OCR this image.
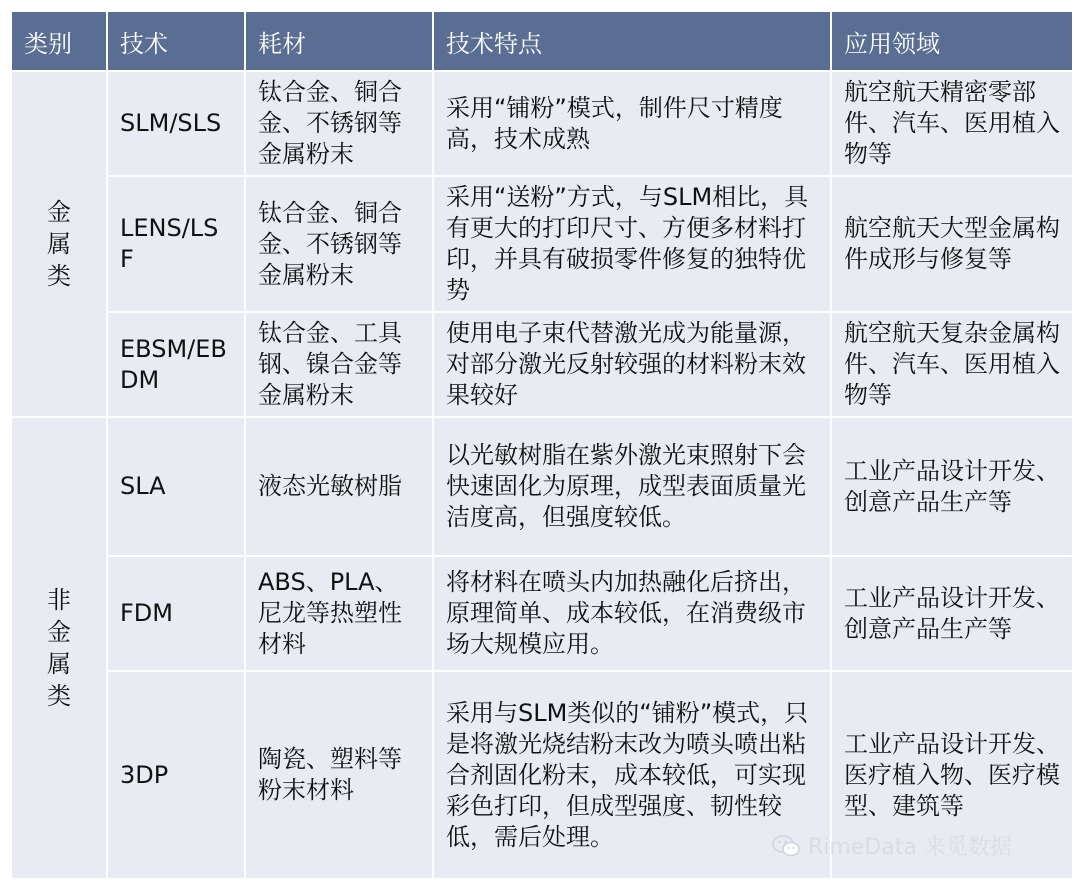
类别	技术	耗材	技术特点	应用领域
金属类	SLM/SLS	钛合金、铜合金、不锈钢等金属粉末	采用“铺粉”模式，制件尺寸精度高，技术成熟	航空航天精密零部件、汽车、医用植入物等
	LENS/LSF	钛合金、铜合金、不锈钢等金属粉末	采用“送粉”方式，与SLM相比，具有更大的打印尺寸、方便多材料打印，并具有破损零件修复的独特优势	航空航天大型金属构件成形与修复等
	EBSM/EBDM	钛合金、工具钢、镍合金等金属粉末	使用电子束代替激光成为能量源，对部分激光反射较强的材料粉末效果较好	航空航天复杂金属构件、汽车、医用植入物等
非金属类	SLA	液态光敏树脂	以光敏树脂在紫外激光束照射下会快速固化为原理，成型表面质量光洁度高，但强度较低。	工业产品设计开发、创意产品生产等
	FDM	ABS、PLA、尼龙等热塑性材料	将材料在喷头内加热融化后挤出，原理简单、成本较低，在消费级市场大规模应用。	工业产品设计开发、创意产品生产等
	3DP	陶瓷、塑料等粉末材料	采用与SLM类似的“铺粉”模式，只是将激光烧结粉末改为喷头喷出粘合剂固化粉末，成本较低，可实现彩色打印，但成型强度、韧性较低，需后处理。	工业产品设计开发、医疗植入物、医疗模型、建筑等
RimeData 来觅数据
